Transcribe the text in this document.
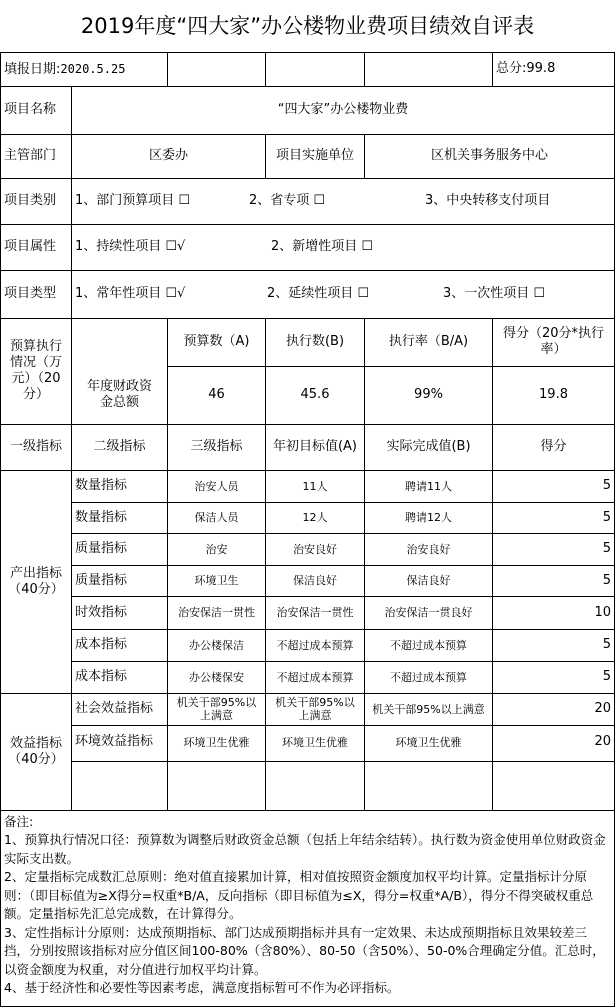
2019年度“四大家”办公楼物业费项目绩效自评表					
填报日期:2020.5.25					总分:99.8
项目名称	“四大家”办公楼物业费				
主管部门	区委办		项目实施单位	区机关事务服务中心	
项目类别	1、部门预算项目 ☐ 2、省专项 ☐ 3、中央转移支付项目				
项目属性	1、持续性项目 ☐√ 2、新增性项目 ☐				
项目类型	1、常年性项目 ☐√ 2、延续性项目 ☐ 3、一次性项目 ☐				
预算执行情况（万元）（20分）		预算数（A)	执行数(B)	执行率（B/A)	得分（20分*执行率）
	年度财政资金总额	46	45.6	99%	19.8
一级指标	二级指标	三级指标	年初目标值(A)	实际完成值(B)	得分
产出指标（40分）	数量指标	治安人员	11人	聘请11人	5
	数量指标	保洁人员	12人	聘请12人	5
	质量指标	治安	治安良好	治安良好	5
	质量指标	环境卫生	保洁良好	保洁良好	5
	时效指标	治安保洁一贯性	治安保洁一贯性	治安保洁一贯良好	10
	成本指标	办公楼保洁	不超过成本预算	不超过成本预算	5
	成本指标	办公楼保安	不超过成本预算	不超过成本预算	5
效益指标（40分）	社会效益指标	机关干部95%以上满意	机关干部95%以上满意	机关干部95%以上满意	20
	环境效益指标	环境卫生优雅	环境卫生优雅	环境卫生优雅	20

备注:
1、预算执行情况口径：预算数为调整后财政资金总额（包括上年结余结转）。执行数为资金使用单位财政资金实际支出数。
2、定量指标完成数汇总原则：绝对值直接累加计算，相对值按照资金额度加权平均计算。定量指标计分原则：（即目标值为≥X得分=权重*B/A，反向指标（即目标值为≤X，得分=权重*A/B），得分不得突破权重总额。定量指标先汇总完成数，在计算得分。
3、定性指标计分原则：达成预期指标、部门达成预期指标并具有一定效果、未达成预期指标且效果较差三挡，分别按照该指标对应分值区间100-80%（含80%）、80-50（含50%）、50-0%合理确定分值。汇总时，以资金额度为权重，对分值进行加权平均计算。
4、基于经济性和必要性等因素考虑，满意度指标暂可不作为必评指标。					
